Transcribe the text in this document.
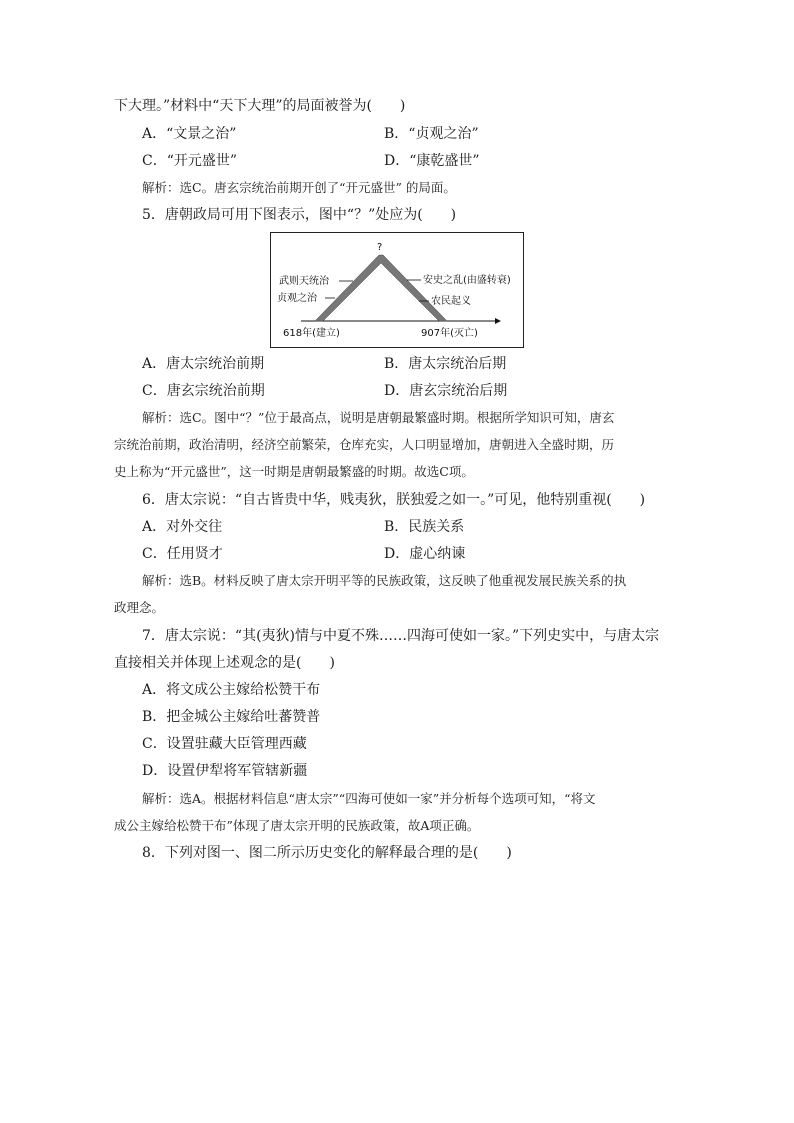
下大理。”材料中“天下大理”的局面被誉为(　　)
A．“文景之治”	B．“贞观之治”
C．“开元盛世”	D．“康乾盛世”
解析：选C。唐玄宗统治前期开创了“开元盛世” 的局面。
5．唐朝政局可用下图表示，图中“？”处应为(　　)
?
武则天统治
贞观之治
安史之乱(由盛转衰)
农民起义
618年(建立)	907年(灭亡)
A．唐太宗统治前期	B．唐太宗统治后期
C．唐玄宗统治前期	D．唐玄宗统治后期
解析：选C。图中“？”位于最高点，说明是唐朝最繁盛时期。根据所学知识可知，唐玄
宗统治前期，政治清明，经济空前繁荣，仓库充实，人口明显增加，唐朝进入全盛时期，历
史上称为“开元盛世”，这一时期是唐朝最繁盛的时期。故选C项。
6．唐太宗说：“自古皆贵中华，贱夷狄，朕独爱之如一。”可见，他特别重视(　　)
A．对外交往	B．民族关系
C．任用贤才	D．虚心纳谏
解析：选B。材料反映了唐太宗开明平等的民族政策，这反映了他重视发展民族关系的执
政理念。
7．唐太宗说：“其(夷狄)情与中夏不殊……四海可使如一家。”下列史实中，与唐太宗
直接相关并体现上述观念的是(　　)
A．将文成公主嫁给松赞干布
B．把金城公主嫁给吐蕃赞普
C．设置驻藏大臣管理西藏
D．设置伊犁将军管辖新疆
解析：选A。根据材料信息“唐太宗”“四海可使如一家”并分析每个选项可知，“将文
成公主嫁给松赞干布”体现了唐太宗开明的民族政策，故A项正确。
8．下列对图一、图二所示历史变化的解释最合理的是(　　)
